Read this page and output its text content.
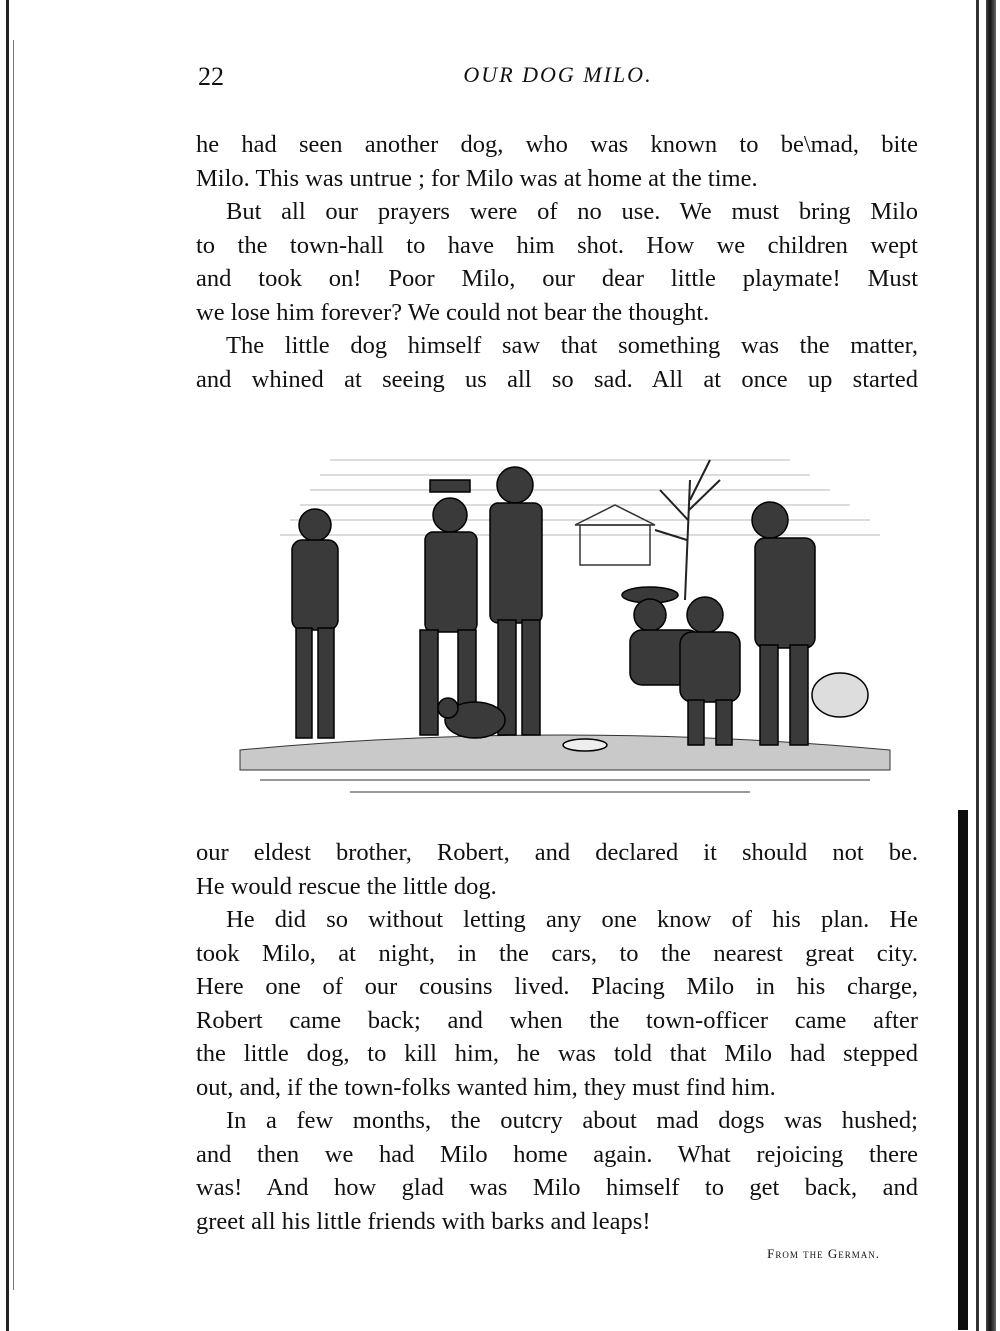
OUR DOG MILO.
22

he had seen another dog, who was known to be\mad, bite
Milo. This was untrue ; for Milo was at home at the time.

But all our prayers were of no use. We must bring Milo
to the town-hall to have him shot. How we children wept
and took on! Poor Milo, our dear little playmate! Must
we lose him forever? We could not bear the thought.

The little dog himself saw that something was the matter,
and whined at seeing us all so sad. All at once up started

our eldest brother, Robert, and declared it should not be.
He would rescue the little dog.

He did so without letting any one know of his plan. He
took Milo, at night, in the cars, to the nearest great city.
Here one of our cousins lived. Placing Milo in his charge,
Robert came back; and when the town-officer came after
the little dog, to kill him, he was told that Milo had stepped
out, and, if the town-folks wanted him, they must find him.

In a few months, the outcry about mad dogs was hushed;
and then we had Milo home again. What rejoicing there
was! And how glad was Milo himself to get back, and
greet all his little friends with barks and leaps!

From the German.
